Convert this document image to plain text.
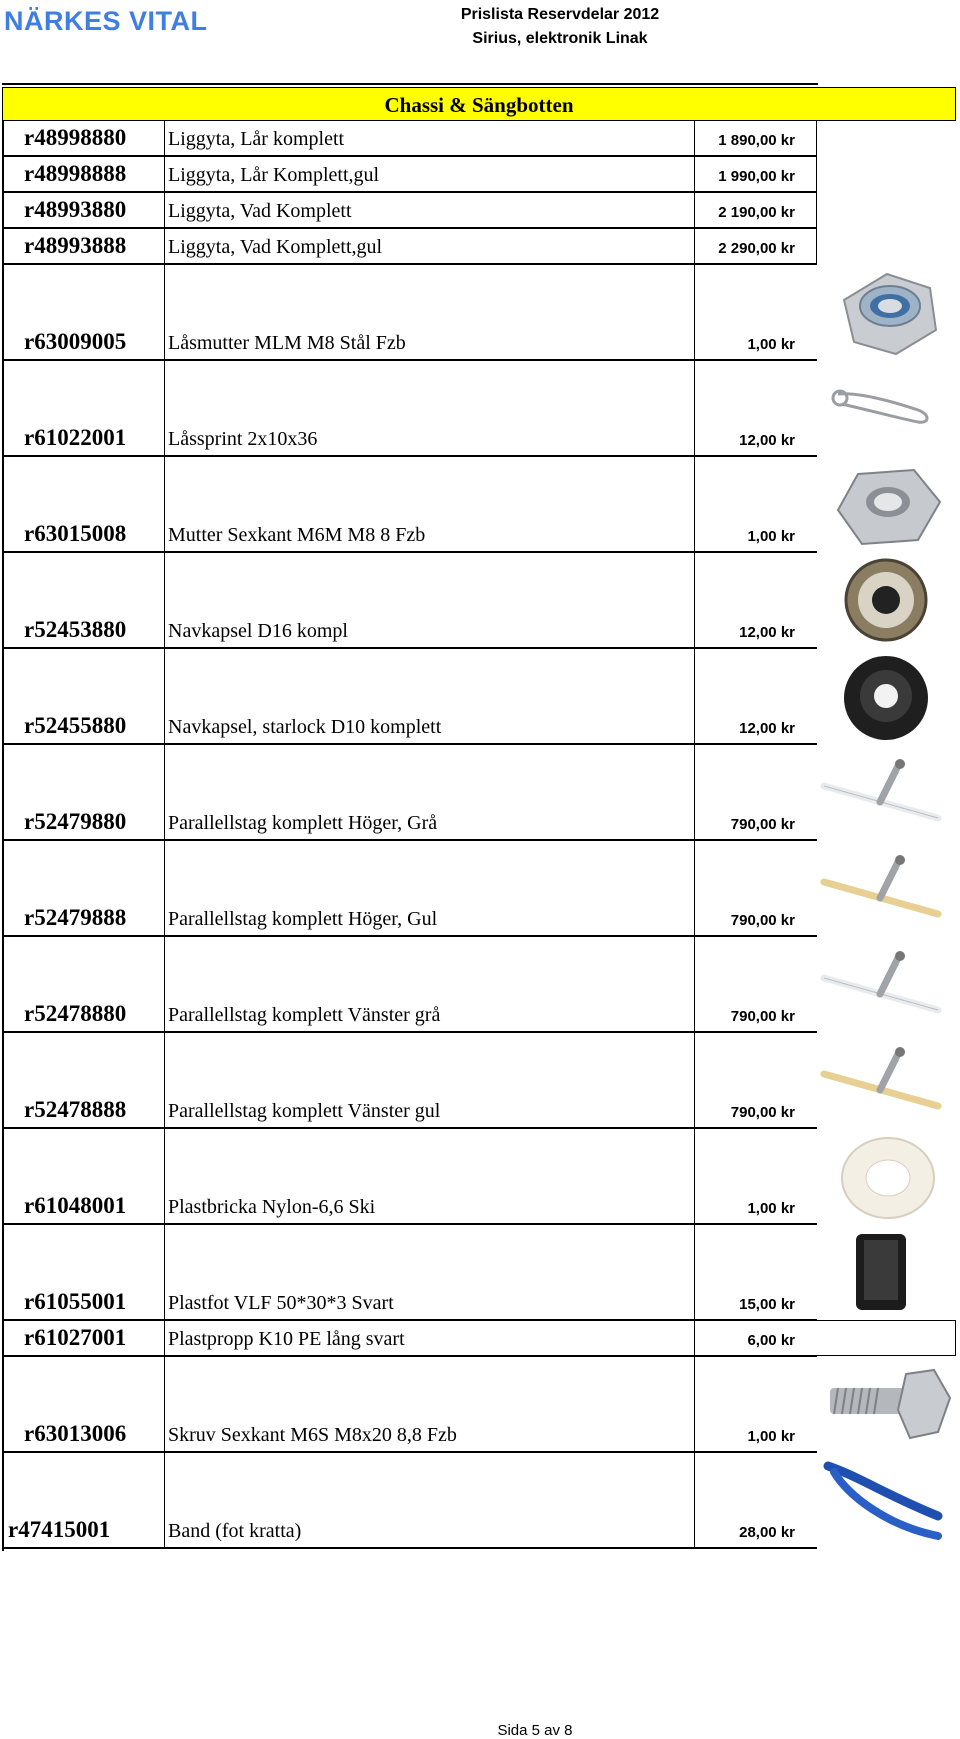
NÄRKES VITAL	Prislista Reservdelar 2012
Sirius, elektronik Linak
Chassi & Sängbotten
r48998880 Liggyta, Lår komplett	1 890,00 kr
r48998888 Liggyta, Lår Komplett,gul	1 990,00 kr
r48993880 Liggyta, Vad Komplett	2 190,00 kr
r48993888 Liggyta, Vad Komplett,gul	2 290,00 kr
r63009005 Låsmutter MLM M8 Stål Fzb	1,00 kr
r61022001 Låssprint 2x10x36	12,00 kr
r63015008 Mutter Sexkant M6M M8 8 Fzb	1,00 kr
r52453880 Navkapsel D16 kompl	12,00 kr
r52455880 Navkapsel, starlock D10 komplett	12,00 kr
r52479880 Parallellstag komplett Höger, Grå	790,00 kr
r52479888 Parallellstag komplett Höger, Gul	790,00 kr
r52478880 Parallellstag komplett Vänster grå	790,00 kr
r52478888 Parallellstag komplett Vänster gul	790,00 kr
r61048001 Plastbricka Nylon-6,6 Ski	1,00 kr
r61055001 Plastfot VLF 50*30*3 Svart	15,00 kr
r61027001 Plastpropp K10 PE lång svart	6,00 kr
r63013006 Skruv Sexkant M6S M8x20 8,8 Fzb	1,00 kr
r47415001	Band (fot kratta)	28,00 kr
Sida 5 av 8
